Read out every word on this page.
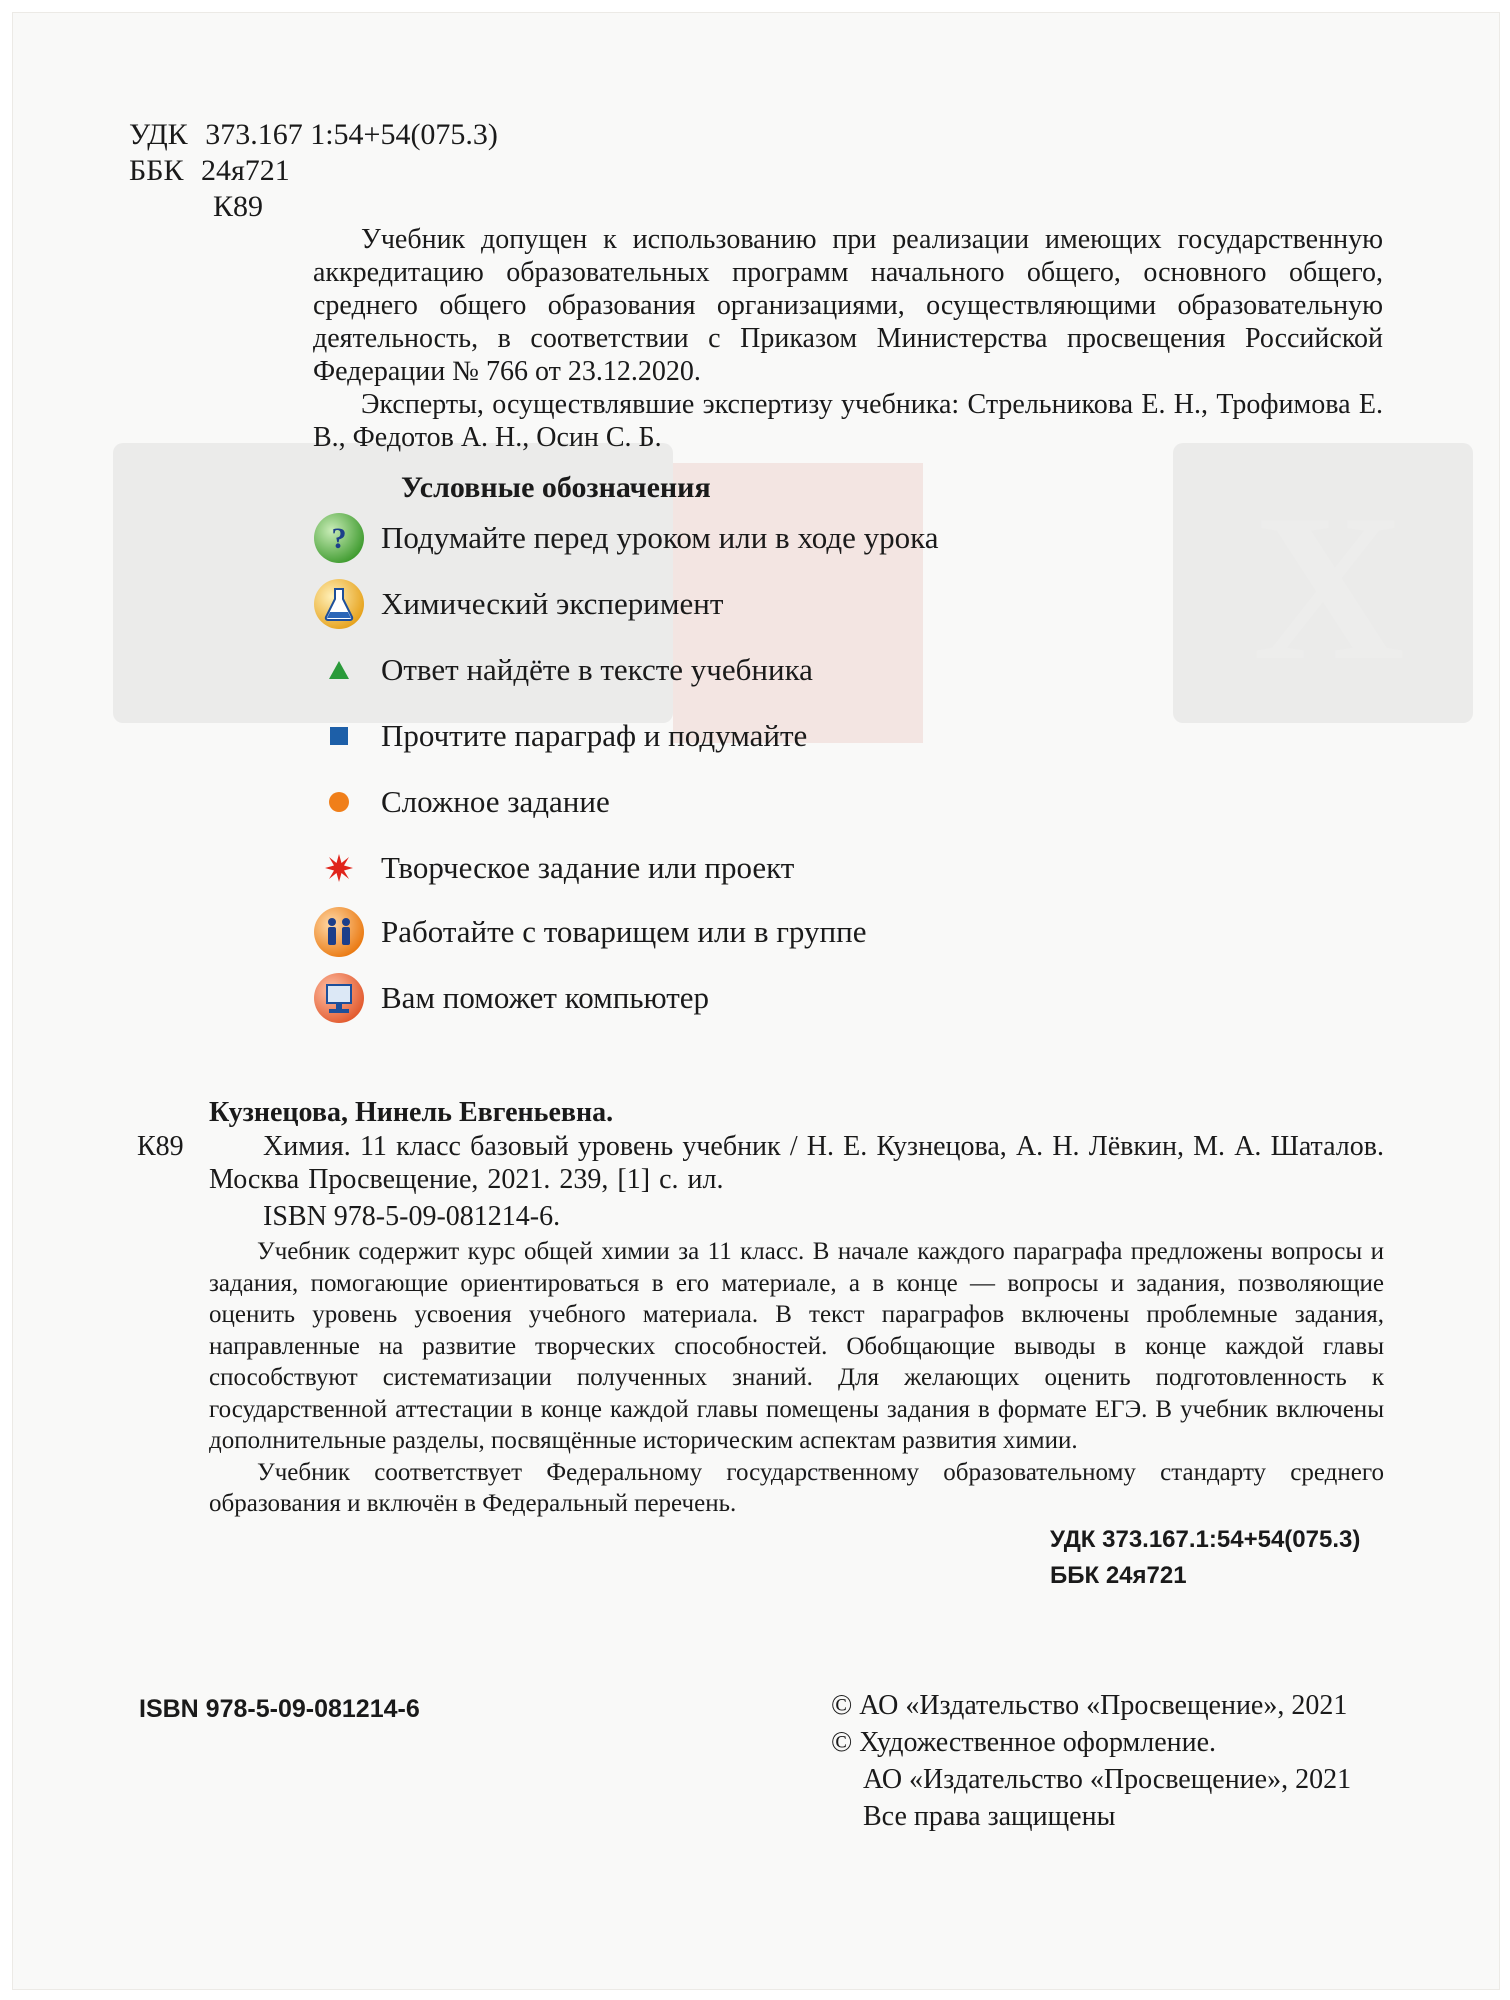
X
УДК 373.167 1:54+54(075.3)
ББК 24я721
К89

Учебник допущен к использованию при реализации имеющих государственную аккредитацию образовательных программ начального общего, основного общего, среднего общего образования организациями, осуществляющими образовательную деятельность, в соответствии с Приказом Министерства просвещения Российской Федерации № 766 от 23.12.2020.

Эксперты, осуществлявшие экспертизу учебника: Стрельникова Е. Н., Трофимова Е. В., Федотов А. Н., Осин С. Б.

Условные обозначения
? Подумайте перед уроком или в ходе урока
Химический эксперимент
Ответ найдёте в тексте учебника
Прочтите параграф и подумайте
Сложное задание
Творческое задание или проект
Работайте с товарищем или в группе
Вам поможет компьютер
Кузнецова, Нинель Евгеньевна.
К89	Химия. 11 класс базовый уровень учебник / Н. Е. Кузнецова, А. Н. Лёвкин, М. А. Шаталов. Москва Просвещение, 2021. 239, [1] с. ил.
ISBN 978-5-09-081214-6.

Учебник содержит курс общей химии за 11 класс. В начале каждого параграфа предложены вопросы и задания, помогающие ориентироваться в его материале, а в конце — вопросы и задания, позволяющие оценить уровень усвоения учебного материала. В текст параграфов включены проблемные задания, направленные на развитие творческих способностей. Обобщающие выводы в конце каждой главы способствуют систематизации полученных знаний. Для желающих оценить подготовленность к государственной аттестации в конце каждой главы помещены задания в формате ЕГЭ. В учебник включены дополнительные разделы, посвящённые историческим аспектам развития химии.

Учебник соответствует Федеральному государственному образовательному стандарту среднего образования и включён в Федеральный перечень.

УДК 373.167.1:54+54(075.3)
ББК 24я721
ISBN 978-5-09-081214-6	© АО «Издательство «Просвещение», 2021
© Художественное оформление.
АО «Издательство «Просвещение», 2021
Все права защищены
